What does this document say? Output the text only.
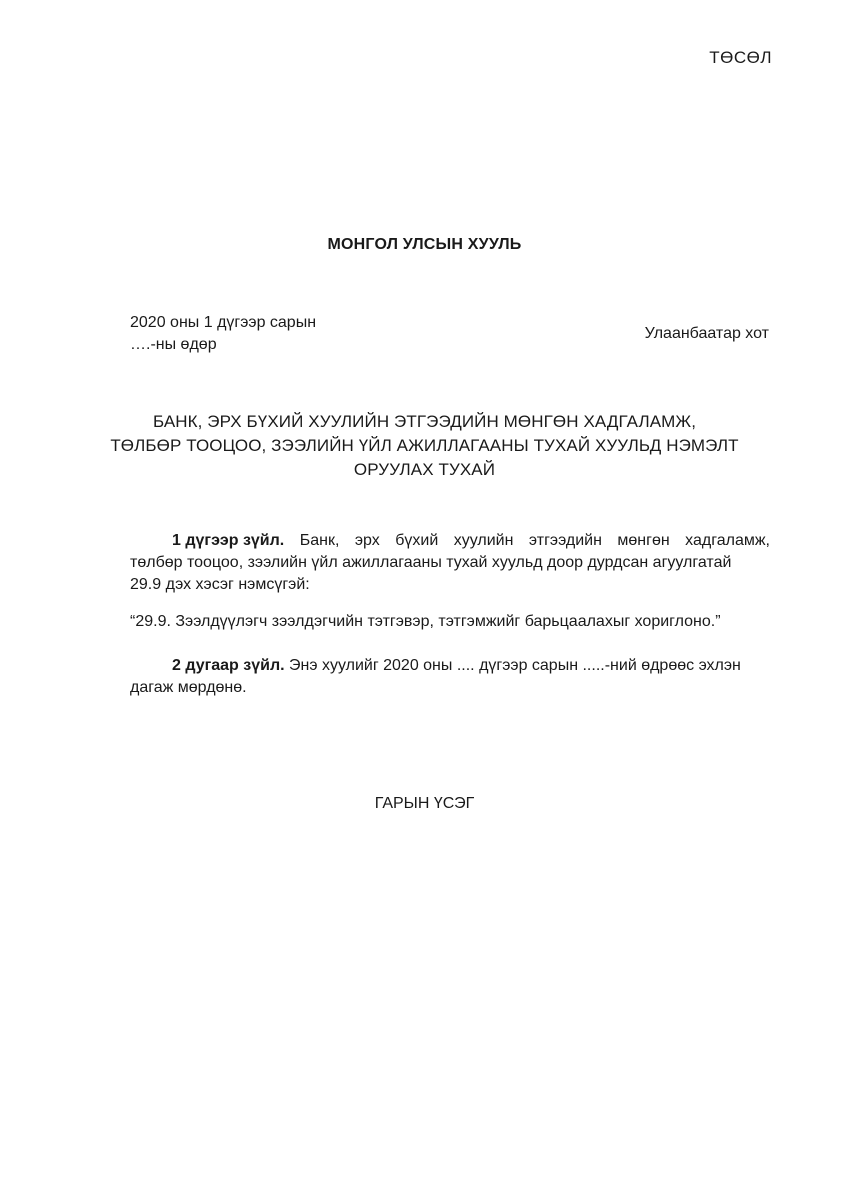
ТӨСӨЛ
МОНГОЛ УЛСЫН ХУУЛЬ
2020 оны 1 дүгээр сарын
….-ны өдөр
Улаанбаатар хот
БАНК, ЭРХ БҮХИЙ ХУУЛИЙН ЭТГЭЭДИЙН МӨНГӨН ХАДГАЛАМЖ,
ТӨЛБӨР ТООЦОО, ЗЭЭЛИЙН ҮЙЛ АЖИЛЛАГААНЫ ТУХАЙ ХУУЛЬД НЭМЭЛТ
ОРУУЛАХ ТУХАЙ
1 дүгээр зүйл. Банк, эрх бүхий хуулийн этгээдийн мөнгөн хадгаламж,
төлбөр тооцоо, зээлийн үйл ажиллагааны тухай хуульд доор дурдсан агуулгатай
29.9 дэх хэсэг нэмсүгэй:
“29.9. Зээлдүүлэгч зээлдэгчийн тэтгэвэр, тэтгэмжийг барьцаалахыг хориглоно.”
2 дугаар зүйл. Энэ хуулийг 2020 оны .... дүгээр сарын .....-ний өдрөөс эхлэн
дагаж мөрдөнө.
ГАРЫН ҮСЭГ
